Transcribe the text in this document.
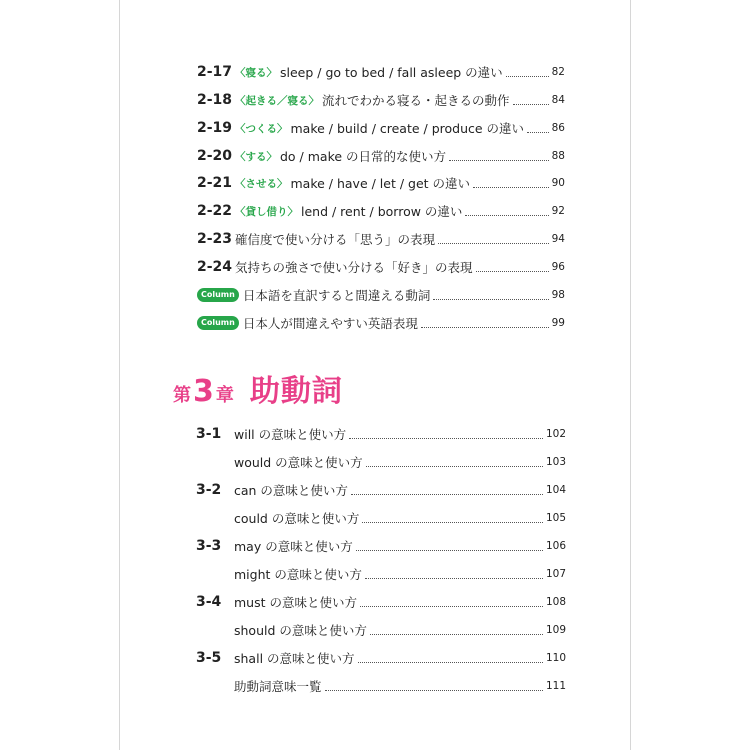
2-17 〈寝る〉 sleep / go to bed / fall asleep の違い	82
2-18 〈起きる／寝る〉 流れでわかる寝る・起きるの動作	84
2-19 〈つくる〉 make / build / create / produce の違い	86
2-20 〈する〉 do / make の日常的な使い方	88
2-21 〈させる〉 make / have / let / get の違い	90
2-22 〈貸し借り〉 lend / rent / borrow の違い	92
2-23 確信度で使い分ける「思う」の表現	94
2-24 気持ちの強さで使い分ける「好き」の表現	96
Column 日本語を直訳すると間違える動詞	98
Column 日本人が間違えやすい英語表現	99
第 3 章 助動詞
3-1	will の意味と使い方	102
would の意味と使い方	103
3-2	can の意味と使い方	104
could の意味と使い方	105
3-3	may の意味と使い方	106
might の意味と使い方	107
3-4	must の意味と使い方	108
should の意味と使い方	109
3-5	shall の意味と使い方	110
助動詞意味一覧	111
